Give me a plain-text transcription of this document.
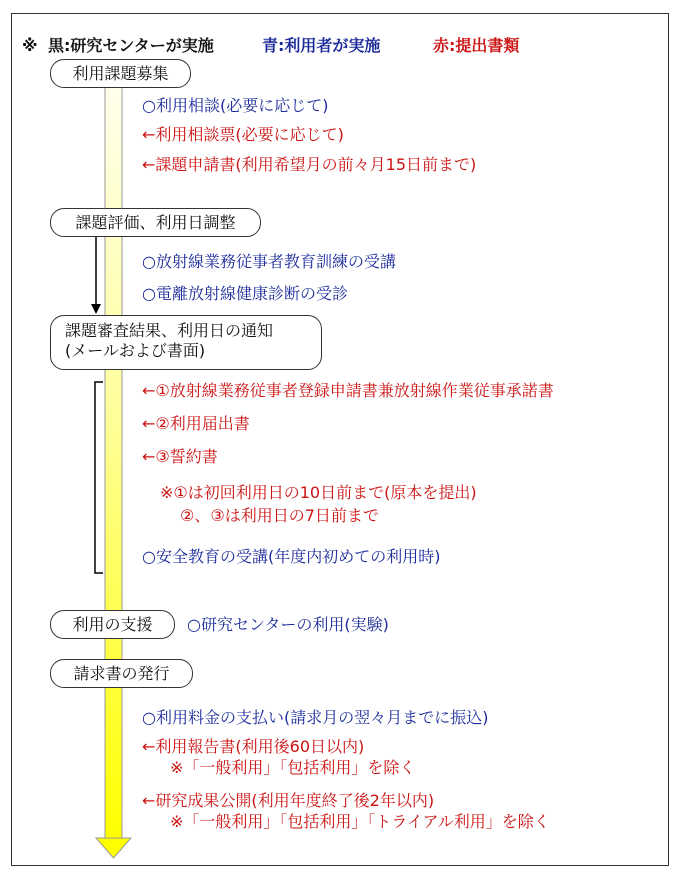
※ 黒:研究センターが実施	青:利用者が実施	赤:提出書類
利用課題募集
課題評価、利用日調整
課題審査結果、利用日の通知
(メールおよび書面)
利用の支援
請求書の発行
○利用相談(必要に応じて)
←利用相談票(必要に応じて)
←課題申請書(利用希望月の前々月15日前まで)
○放射線業務従事者教育訓練の受講
○電離放射線健康診断の受診
←①放射線業務従事者登録申請書兼放射線作業従事承諾書
←②利用届出書
←③誓約書
※①は初回利用日の10日前まで(原本を提出)
②、③は利用日の7日前まで
○安全教育の受講(年度内初めての利用時)
○研究センターの利用(実験)
○利用料金の支払い(請求月の翌々月までに振込)
←利用報告書(利用後60日以内)
※「一般利用」「包括利用」を除く
←研究成果公開(利用年度終了後2年以内)
※「一般利用」「包括利用」「トライアル利用」を除く
